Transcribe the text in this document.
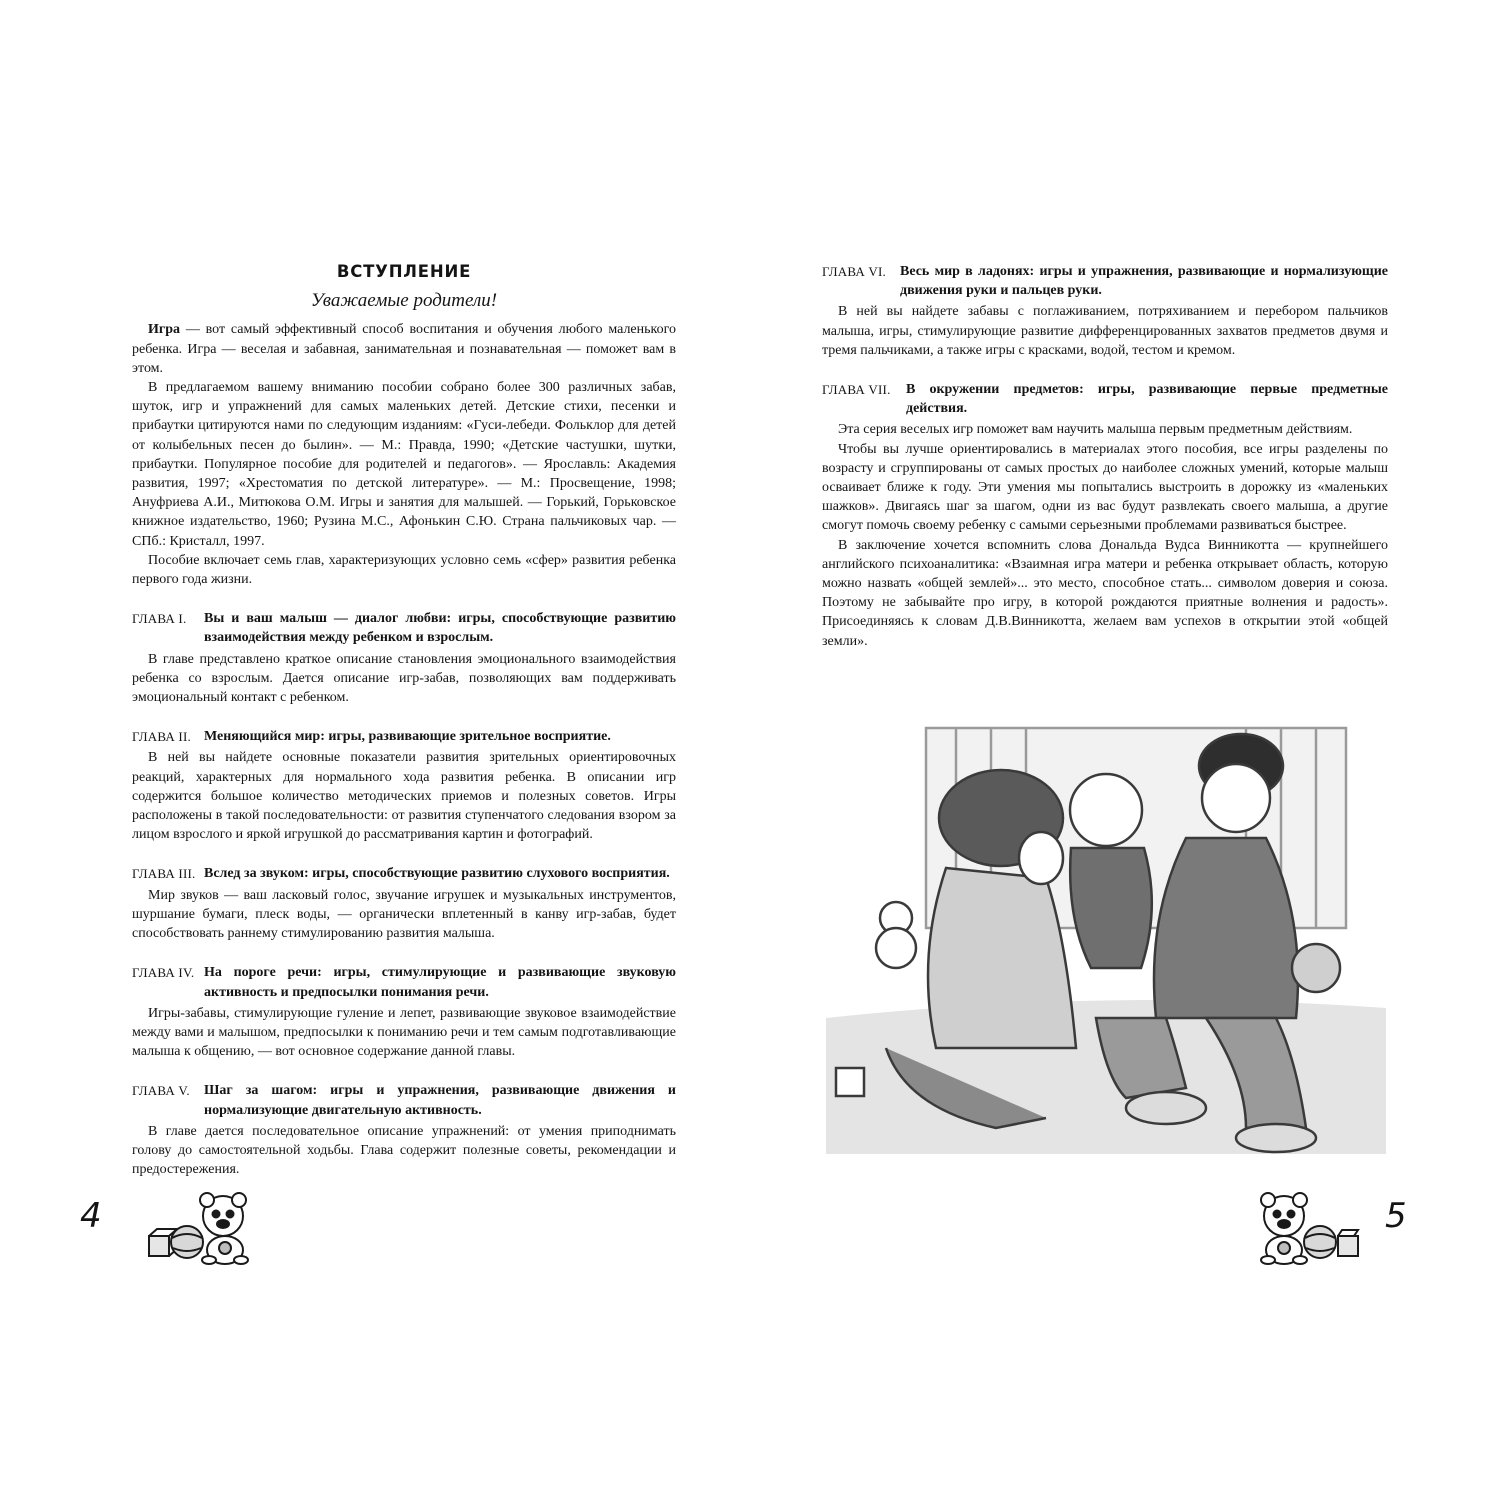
ВСТУПЛЕНИЕ
Уважаемые родители!

Игра — вот самый эффективный способ воспитания и обучения любого маленького ребенка. Игра — веселая и забавная, занимательная и познавательная — поможет вам в этом.

В предлагаемом вашему вниманию пособии собрано более 300 различных забав, шуток, игр и упражнений для самых маленьких детей. Детские стихи, песенки и прибаутки цитируются нами по следующим изданиям: «Гуси-лебеди. Фольклор для детей от колыбельных песен до былин». — М.: Правда, 1990; «Детские частушки, шутки, прибаутки. Популярное пособие для родителей и педагогов». — Ярославль: Академия развития, 1997; «Хрестоматия по детской литературе». — М.: Просвещение, 1998; Ануфриева А.И., Митюкова О.М. Игры и занятия для малышей. — Горький, Горьковское книжное издательство, 1960; Рузина М.С., Афонькин С.Ю. Страна пальчиковых чар. — СПб.: Кристалл, 1997.

Пособие включает семь глав, характеризующих условно семь «сфер» развития ребенка первого года жизни.

ГЛАВА I. Вы и ваш малыш — диалог любви: игры, способствующие развитию взаимодействия между ребенком и взрослым.

В главе представлено краткое описание становления эмоционального взаимодействия ребенка со взрослым. Дается описание игр-забав, позволяющих вам поддерживать эмоциональный контакт с ребенком.

ГЛАВА II. Меняющийся мир: игры, развивающие зрительное восприятие.

В ней вы найдете основные показатели развития зрительных ориентировочных реакций, характерных для нормального хода развития ребенка. В описании игр содержится большое количество методических приемов и полезных советов. Игры расположены в такой последовательности: от развития ступенчатого следования взором за лицом взрослого и яркой игрушкой до рассматривания картин и фотографий.

ГЛАВА III. Вслед за звуком: игры, способствующие развитию слухового восприятия.

Мир звуков — ваш ласковый голос, звучание игрушек и музыкальных инструментов, шуршание бумаги, плеск воды, — органически вплетенный в канву игр-забав, будет способствовать раннему стимулированию развития малыша.

ГЛАВА IV. На пороге речи: игры, стимулирующие и развивающие звуковую активность и предпосылки понимания речи.

Игры-забавы, стимулирующие гуление и лепет, развивающие звуковое взаимодействие между вами и малышом, предпосылки к пониманию речи и тем самым подготавливающие малыша к общению, — вот основное содержание данной главы.

ГЛАВА V. Шаг за шагом: игры и упражнения, развивающие движения и нормализующие двигательную активность.

В главе дается последовательное описание упражнений: от умения приподнимать голову до самостоятельной ходьбы. Глава содержит полезные советы, рекомендации и предостережения.

4

ГЛАВА VI. Весь мир в ладонях: игры и упражнения, развивающие и нормализующие движения руки и пальцев руки.

В ней вы найдете забавы с поглаживанием, потряхиванием и перебором пальчиков малыша, игры, стимулирующие развитие дифференцированных захватов предметов двумя и тремя пальчиками, а также игры с красками, водой, тестом и кремом.

ГЛАВА VII. В окружении предметов: игры, развивающие первые предметные действия.

Эта серия веселых игр поможет вам научить малыша первым предметным действиям.

Чтобы вы лучше ориентировались в материалах этого пособия, все игры разделены по возрасту и сгруппированы от самых простых до наиболее сложных умений, которые малыш осваивает ближе к году. Эти умения мы попытались выстроить в дорожку из «маленьких шажков». Двигаясь шаг за шагом, одни из вас будут развлекать своего малыша, а другие смогут помочь своему ребенку с самыми серьезными проблемами развиваться быстрее.

В заключение хочется вспомнить слова Дональда Вудса Винникотта — крупнейшего английского психоаналитика: «Взаимная игра матери и ребенка открывает область, которую можно назвать «общей землей»... это место, способное стать... символом доверия и союза. Поэтому не забывайте про игру, в которой рождаются приятные волнения и радость». Присоединяясь к словам Д.В.Винникотта, желаем вам успехов в открытии этой «общей земли».

5
